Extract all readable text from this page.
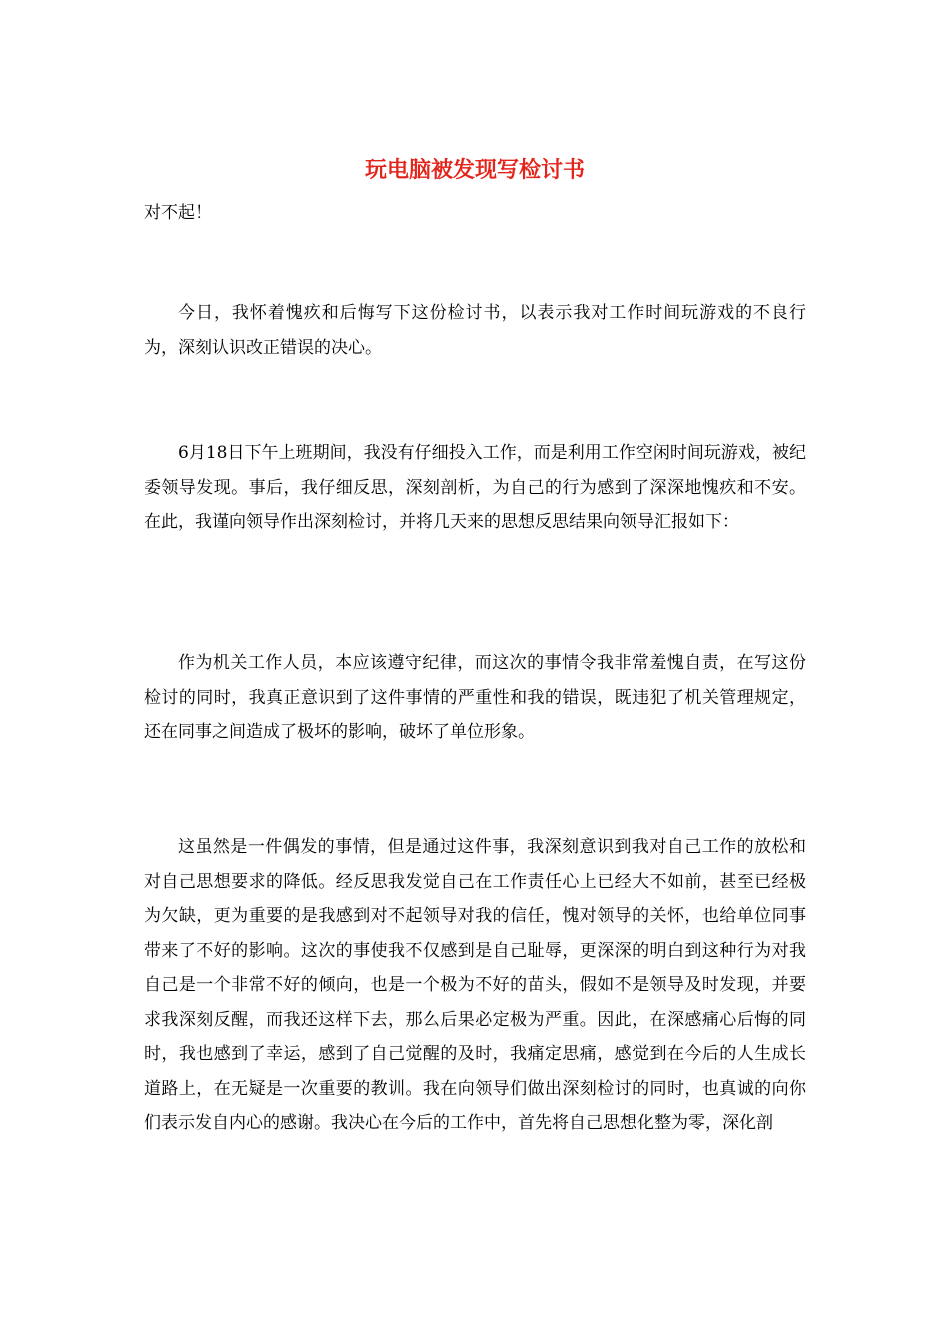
玩电脑被发现写检讨书

对不起！

今日，我怀着愧疚和后悔写下这份检讨书，以表示我对工作时间玩游戏的不良行为，深刻认识改正错误的决心。

6月18日下午上班期间，我没有仔细投入工作，而是利用工作空闲时间玩游戏，被纪委领导发现。事后，我仔细反思，深刻剖析，为自己的行为感到了深深地愧疚和不安。在此，我谨向领导作出深刻检讨，并将几天来的思想反思结果向领导汇报如下：

作为机关工作人员，本应该遵守纪律，而这次的事情令我非常羞愧自责，在写这份检讨的同时，我真正意识到了这件事情的严重性和我的错误，既违犯了机关管理规定，还在同事之间造成了极坏的影响，破坏了单位形象。

这虽然是一件偶发的事情，但是通过这件事，我深刻意识到我对自己工作的放松和对自己思想要求的降低。经反思我发觉自己在工作责任心上已经大不如前，甚至已经极为欠缺，更为重要的是我感到对不起领导对我的信任，愧对领导的关怀，也给单位同事带来了不好的影响。这次的事使我不仅感到是自己耻辱，更深深的明白到这种行为对我自己是一个非常不好的倾向，也是一个极为不好的苗头，假如不是领导及时发现，并要求我深刻反醒，而我还这样下去，那么后果必定极为严重。因此，在深感痛心后悔的同时，我也感到了幸运，感到了自己觉醒的及时，我痛定思痛，感觉到在今后的人生成长道路上，在无疑是一次重要的教训。我在向领导们做出深刻检讨的同时，也真诚的向你们表示发自内心的感谢。我决心在今后的工作中，首先将自己思想化整为零，深化剖
